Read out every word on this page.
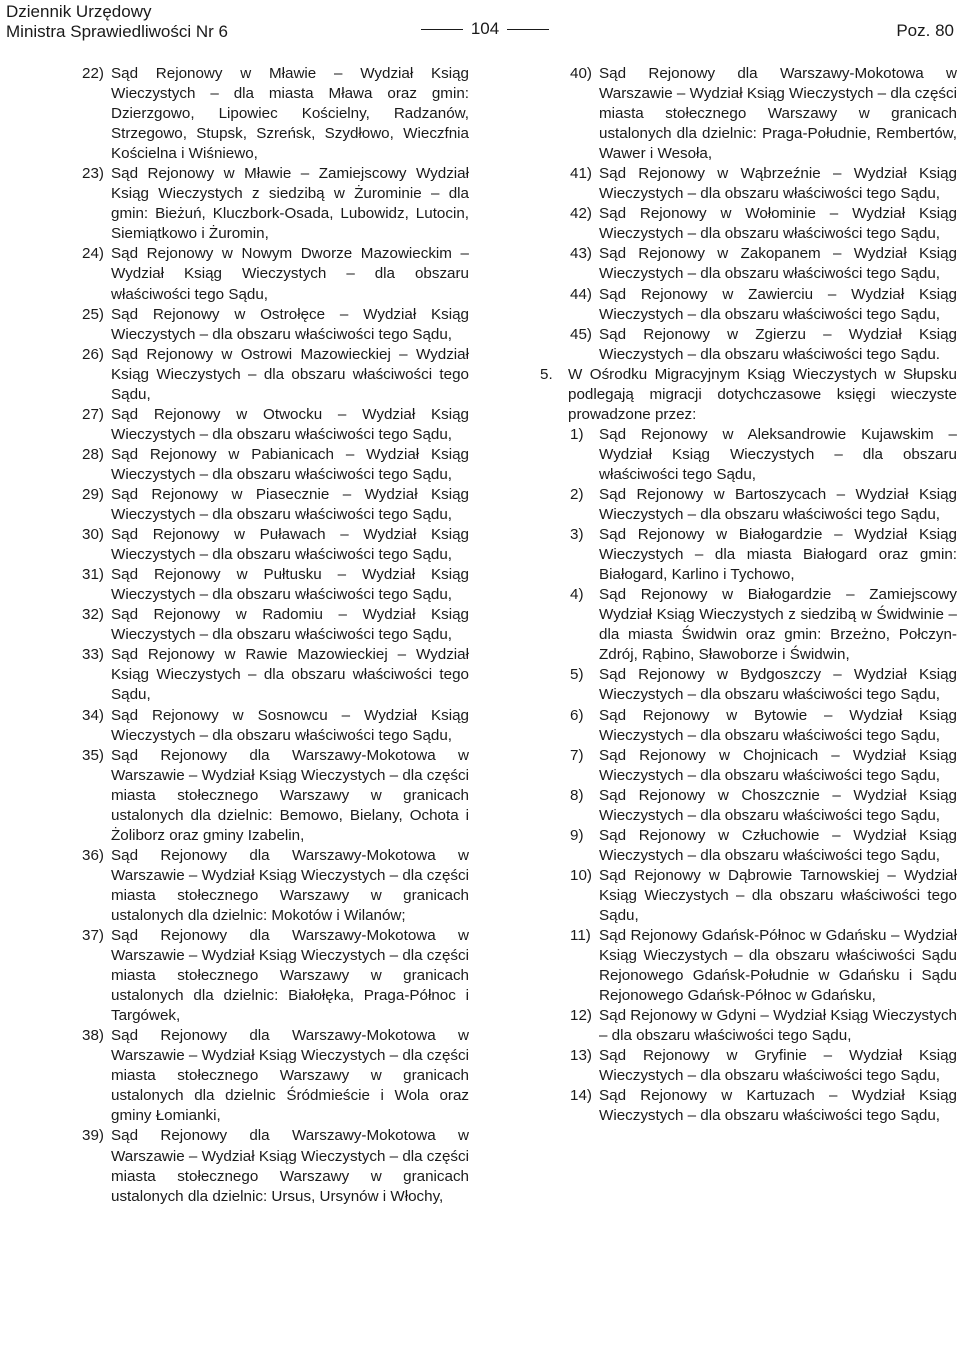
Dziennik Urzędowy
Ministra Sprawiedliwości Nr 6	104	Poz. 80
22) Sąd Rejonowy w Mławie – Wydział Ksiąg Wieczystych – dla miasta Mława oraz gmin: Dzierzgowo, Lipowiec Kościelny, Radzanów, Strzegowo, Stupsk, Szreńsk, Szydłowo, Wieczfnia Kościelna i Wiśniewo,
23) Sąd Rejonowy w Mławie – Zamiejscowy Wydział Ksiąg Wieczystych z siedzibą w Żurominie – dla gmin: Bieżuń, Kluczbork-Osada, Lubowidz, Lutocin, Siemiątkowo i Żuromin,
24) Sąd Rejonowy w Nowym Dworze Mazowieckim – Wydział Ksiąg Wieczystych – dla obszaru właściwości tego Sądu,
25) Sąd Rejonowy w Ostrołęce – Wydział Ksiąg Wieczystych – dla obszaru właściwości tego Sądu,
26) Sąd Rejonowy w Ostrowi Mazowieckiej – Wydział Ksiąg Wieczystych – dla obszaru właściwości tego Sądu,
27) Sąd Rejonowy w Otwocku – Wydział Ksiąg Wieczystych – dla obszaru właściwości tego Sądu,
28) Sąd Rejonowy w Pabianicach – Wydział Ksiąg Wieczystych – dla obszaru właściwości tego Sądu,
29) Sąd Rejonowy w Piasecznie – Wydział Ksiąg Wieczystych – dla obszaru właściwości tego Sądu,
30) Sąd Rejonowy w Puławach – Wydział Ksiąg Wieczystych – dla obszaru właściwości tego Sądu,
31) Sąd Rejonowy w Pułtusku – Wydział Ksiąg Wieczystych – dla obszaru właściwości tego Sądu,
32) Sąd Rejonowy w Radomiu – Wydział Ksiąg Wieczystych – dla obszaru właściwości tego Sądu,
33) Sąd Rejonowy w Rawie Mazowieckiej – Wydział Ksiąg Wieczystych – dla obszaru właściwości tego Sądu,
34) Sąd Rejonowy w Sosnowcu – Wydział Ksiąg Wieczystych – dla obszaru właściwości tego Sądu,
35) Sąd Rejonowy dla Warszawy-Mokotowa w Warszawie – Wydział Ksiąg Wieczystych – dla części miasta stołecznego Warszawy w granicach ustalonych dla dzielnic: Bemowo, Bielany, Ochota i Żoliborz oraz gminy Izabelin,
36) Sąd Rejonowy dla Warszawy-Mokotowa w Warszawie – Wydział Ksiąg Wieczystych – dla części miasta stołecznego Warszawy w granicach ustalonych dla dzielnic: Mokotów i Wilanów;
37) Sąd Rejonowy dla Warszawy-Mokotowa w Warszawie – Wydział Ksiąg Wieczystych – dla części miasta stołecznego Warszawy w granicach ustalonych dla dzielnic: Białołęka, Praga-Północ i Targówek,
38) Sąd Rejonowy dla Warszawy-Mokotowa w Warszawie – Wydział Ksiąg Wieczystych – dla części miasta stołecznego Warszawy w granicach ustalonych dla dzielnic Śródmieście i Wola oraz gminy Łomianki,
39) Sąd Rejonowy dla Warszawy-Mokotowa w Warszawie – Wydział Ksiąg Wieczystych – dla części miasta stołecznego Warszawy w granicach ustalonych dla dzielnic: Ursus, Ursynów i Włochy,
40) Sąd Rejonowy dla Warszawy-Mokotowa w Warszawie – Wydział Ksiąg Wieczystych – dla części miasta stołecznego Warszawy w granicach ustalonych dla dzielnic: Praga-Południe, Rembertów, Wawer i Wesoła,
41) Sąd Rejonowy w Wąbrzeźnie – Wydział Ksiąg Wieczystych – dla obszaru właściwości tego Sądu,
42) Sąd Rejonowy w Wołominie – Wydział Ksiąg Wieczystych – dla obszaru właściwości tego Sądu,
43) Sąd Rejonowy w Zakopanem – Wydział Ksiąg Wieczystych – dla obszaru właściwości tego Sądu,
44) Sąd Rejonowy w Zawierciu – Wydział Ksiąg Wieczystych – dla obszaru właściwości tego Sądu,
45) Sąd Rejonowy w Zgierzu – Wydział Ksiąg Wieczystych – dla obszaru właściwości tego Sądu.
5. W Ośrodku Migracyjnym Ksiąg Wieczystych w Słupsku podlegają migracji dotychczasowe księgi wieczyste prowadzone przez:
1) Sąd Rejonowy w Aleksandrowie Kujawskim – Wydział Ksiąg Wieczystych – dla obszaru właściwości tego Sądu,
2) Sąd Rejonowy w Bartoszycach – Wydział Ksiąg Wieczystych – dla obszaru właściwości tego Sądu,
3) Sąd Rejonowy w Białogardzie – Wydział Ksiąg Wieczystych – dla miasta Białogard oraz gmin: Białogard, Karlino i Tychowo,
4) Sąd Rejonowy w Białogardzie – Zamiejscowy Wydział Ksiąg Wieczystych z siedzibą w Świdwinie – dla miasta Świdwin oraz gmin: Brzeżno, Połczyn-Zdrój, Rąbino, Sławoborze i Świdwin,
5) Sąd Rejonowy w Bydgoszczy – Wydział Ksiąg Wieczystych – dla obszaru właściwości tego Sądu,
6) Sąd Rejonowy w Bytowie – Wydział Ksiąg Wieczystych – dla obszaru właściwości tego Sądu,
7) Sąd Rejonowy w Chojnicach – Wydział Ksiąg Wieczystych – dla obszaru właściwości tego Sądu,
8) Sąd Rejonowy w Choszcznie – Wydział Ksiąg Wieczystych – dla obszaru właściwości tego Sądu,
9) Sąd Rejonowy w Człuchowie – Wydział Ksiąg Wieczystych – dla obszaru właściwości tego Sądu,
10) Sąd Rejonowy w Dąbrowie Tarnowskiej – Wydział Ksiąg Wieczystych – dla obszaru właściwości tego Sądu,
11) Sąd Rejonowy Gdańsk-Północ w Gdańsku – Wydział Ksiąg Wieczystych – dla obszaru właściwości Sądu Rejonowego Gdańsk-Południe w Gdańsku i Sądu Rejonowego Gdańsk-Północ w Gdańsku,
12) Sąd Rejonowy w Gdyni – Wydział Ksiąg Wieczystych – dla obszaru właściwości tego Sądu,
13) Sąd Rejonowy w Gryfinie – Wydział Ksiąg Wieczystych – dla obszaru właściwości tego Sądu,
14) Sąd Rejonowy w Kartuzach – Wydział Ksiąg Wieczystych – dla obszaru właściwości tego Sądu,
